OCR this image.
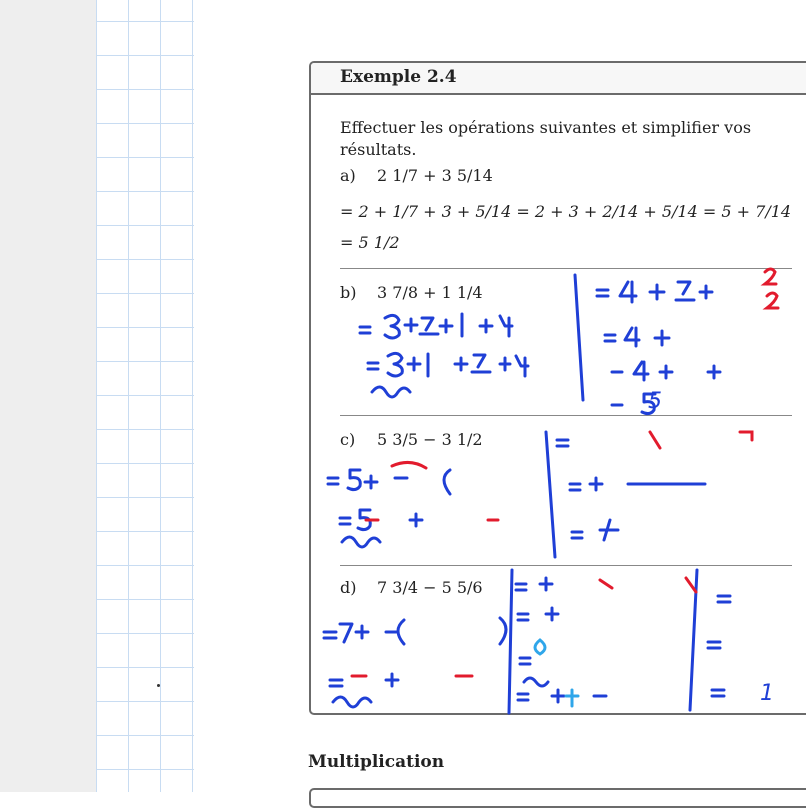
Exemple 2.4
Effectuer les opérations suivantes et simplifier vos
résultats.
a) 2 1/7 + 3 5/14
= 2 + 1/7 + 3 + 5/14 = 2 + 3 + 2/14 + 5/14 = 5 + 7/14
= 5 1/2
b) 3 7/8 + 1 1/4
c) 5 3/5 − 3 1/2
d) 7 3/4 − 5 5/6
Multiplication
5
1
